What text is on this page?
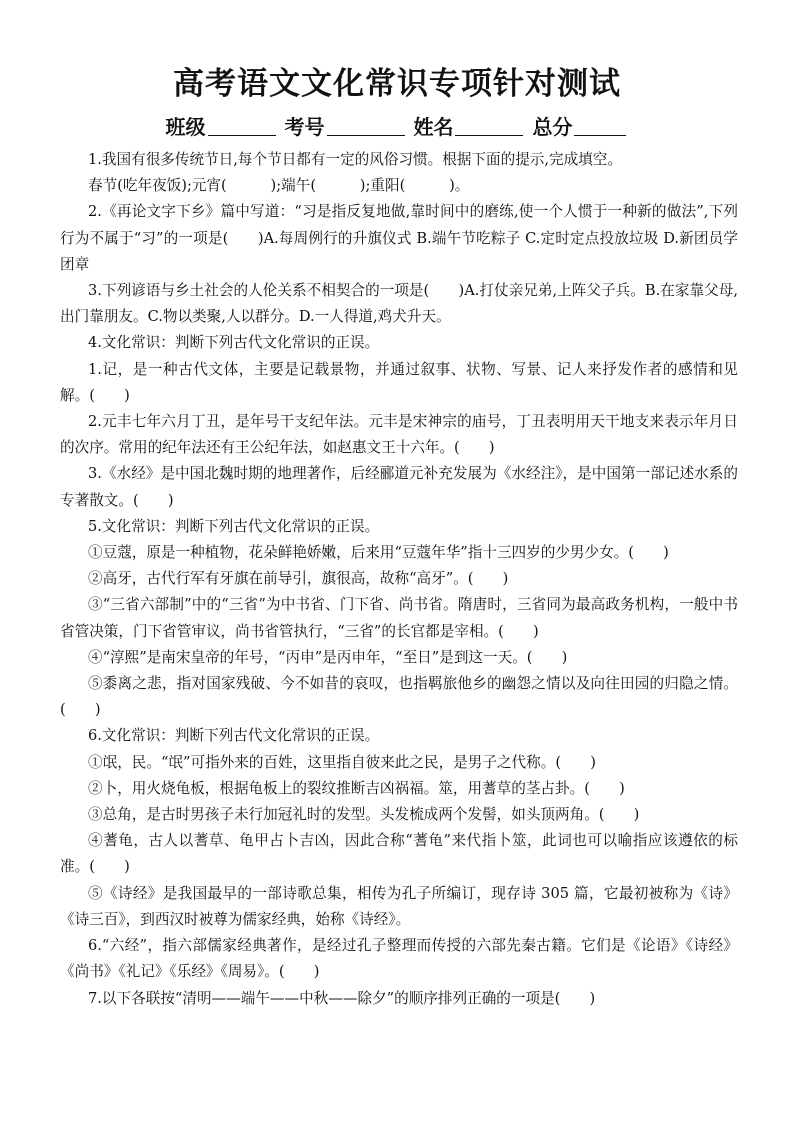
高考语文文化常识专项针对测试
班级	考号	姓名	总分

1.我国有很多传统节日,每个节日都有一定的风俗习惯。根据下面的提示,完成填空。

春节(吃年夜饭);元宵(　　　);端午(　　　);重阳(　　　)。

2.《再论文字下乡》篇中写道：“习是指反复地做,靠时间中的磨练,使一个人惯于一种新的做法”,下列行为不属于“习”的一项是(　　)A.每周例行的升旗仪式 B.端午节吃粽子 C.定时定点投放垃圾 D.新团员学团章

3.下列谚语与乡土社会的人伦关系不相契合的一项是(　　)A.打仗亲兄弟,上阵父子兵。B.在家靠父母,出门靠朋友。C.物以类聚,人以群分。D.一人得道,鸡犬升天。

4.文化常识：判断下列古代文化常识的正误。

1.记，是一种古代文体，主要是记载景物，并通过叙事、状物、写景、记人来抒发作者的感情和见解。(　　)

2.元丰七年六月丁丑，是年号干支纪年法。元丰是宋神宗的庙号，丁丑表明用天干地支来表示年月日的次序。常用的纪年法还有王公纪年法，如赵惠文王十六年。(　　)

3.《水经》是中国北魏时期的地理著作，后经郦道元补充发展为《水经注》，是中国第一部记述水系的专著散文。(　　)

5.文化常识：判断下列古代文化常识的正误。

①豆蔻，原是一种植物，花朵鲜艳娇嫩，后来用“豆蔻年华”指十三四岁的少男少女。(　　)

②高牙，古代行军有牙旗在前导引，旗很高，故称“高牙”。(　　)

③“三省六部制”中的“三省”为中书省、门下省、尚书省。隋唐时，三省同为最高政务机构，一般中书省管决策，门下省管审议，尚书省管执行，“三省”的长官都是宰相。(　　)

④“淳熙”是南宋皇帝的年号，“丙申”是丙申年，“至日”是到这一天。(　　)

⑤黍离之悲，指对国家残破、今不如昔的哀叹，也指羁旅他乡的幽怨之情以及向往田园的归隐之情。(　　)

6.文化常识：判断下列古代文化常识的正误。

①氓，民。“氓”可指外来的百姓，这里指自彼来此之民，是男子之代称。(　　)

②卜，用火烧龟板，根据龟板上的裂纹推断吉凶祸福。筮，用蓍草的茎占卦。(　　)

③总角，是古时男孩子未行加冠礼时的发型。头发梳成两个发髻，如头顶两角。(　　)

④蓍龟，古人以蓍草、龟甲占卜吉凶，因此合称“蓍龟”来代指卜筮，此词也可以喻指应该遵依的标准。(　　)

⑤《诗经》是我国最早的一部诗歌总集，相传为孔子所编订，现存诗 305 篇，它最初被称为《诗》《诗三百》，到西汉时被尊为儒家经典，始称《诗经》。

6.“六经”，指六部儒家经典著作，是经过孔子整理而传授的六部先秦古籍。它们是《论语》《诗经》《尚书》《礼记》《乐经》《周易》。(　　)

7.以下各联按“清明——端午——中秋——除夕”的顺序排列正确的一项是(　　)
